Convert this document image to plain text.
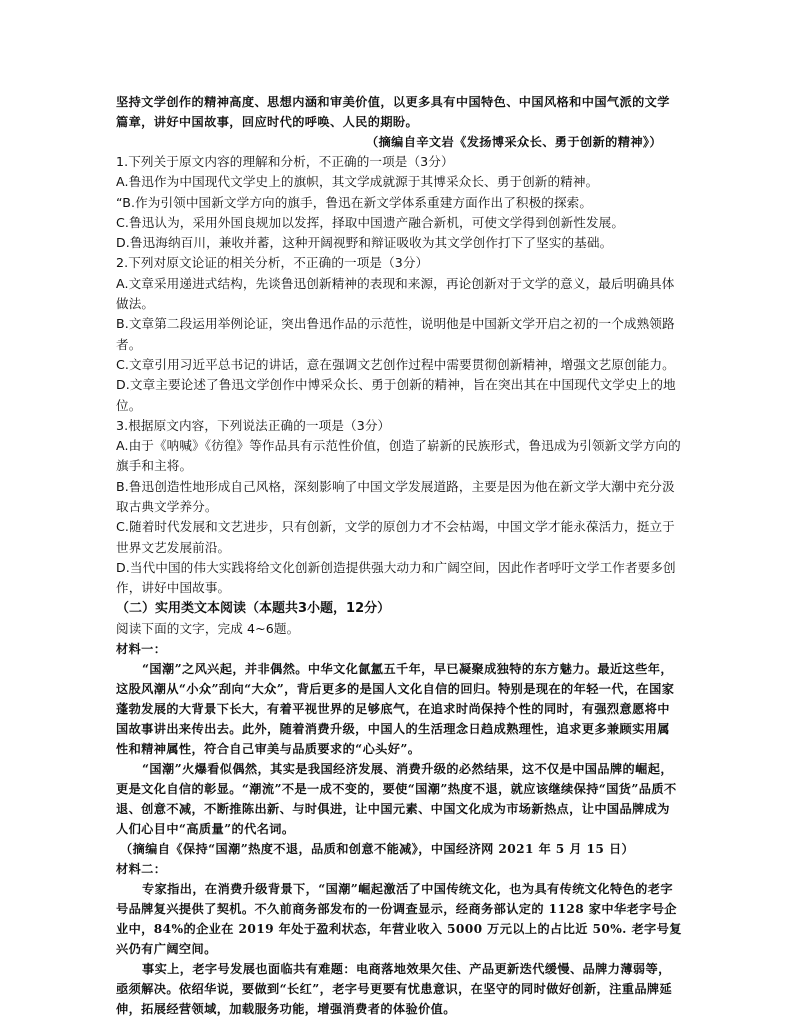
坚持文学创作的精神高度、思想内涵和审美价值，以更多具有中国特色、中国风格和中国气派的文学篇章，讲好中国故事，回应时代的呼唤、人民的期盼。

（摘编自辛文岩《发扬博采众长、勇于创新的精神》）

1.下列关于原文内容的理解和分析，不正确的一项是（3分）

A.鲁迅作为中国现代文学史上的旗帜，其文学成就源于其博采众长、勇于创新的精神。

“B.作为引领中国新文学方向的旗手，鲁迅在新文学体系重建方面作出了积极的探索。

C.鲁迅认为，采用外国良规加以发挥，择取中国遗产融合新机，可使文学得到创新性发展。

D.鲁迅海纳百川，兼收并蓄，这种开阔视野和辩证吸收为其文学创作打下了坚实的基础。

2.下列对原文论证的相关分析，不正确的一项是（3分）

A.文章采用递进式结构，先谈鲁迅创新精神的表现和来源，再论创新对于文学的意义，最后明确具体做法。

B.文章第二段运用举例论证，突出鲁迅作品的示范性，说明他是中国新文学开启之初的一个成熟领路者。

C.文章引用习近平总书记的讲话，意在强调文艺创作过程中需要贯彻创新精神，增强文艺原创能力。

D.文章主要论述了鲁迅文学创作中博采众长、勇于创新的精神，旨在突出其在中国现代文学史上的地位。

3.根据原文内容，下列说法正确的一项是（3分）

A.由于《呐喊》《彷徨》等作品具有示范性价值，创造了崭新的民族形式，鲁迅成为引领新文学方向的旗手和主将。

B.鲁迅创造性地形成自己风格，深刻影响了中国文学发展道路，主要是因为他在新文学大潮中充分汲取古典文学养分。

C.随着时代发展和文艺进步，只有创新，文学的原创力才不会枯竭，中国文学才能永葆活力，挺立于世界文艺发展前沿。

D.当代中国的伟大实践将给文化创新创造提供强大动力和广阔空间，因此作者呼吁文学工作者要多创作，讲好中国故事。

（二）实用类文本阅读（本题共3小题，12分）

阅读下面的文字，完成 4~6题。

材料一：

“国潮”之风兴起，并非偶然。中华文化氤氲五千年，早已凝聚成独特的东方魅力。最近这些年，这股风潮从“小众”刮向“大众”，背后更多的是国人文化自信的回归。特别是现在的年轻一代，在国家蓬勃发展的大背景下长大，有着平视世界的足够底气，在追求时尚保持个性的同时，有强烈意愿将中国故事讲出来传出去。此外，随着消费升级，中国人的生活理念日趋成熟理性，追求更多兼顾实用属性和精神属性，符合自己审美与品质要求的“心头好”。

“国潮”火爆看似偶然，其实是我国经济发展、消费升级的必然结果，这不仅是中国品牌的崛起，更是文化自信的彰显。“潮流”不是一成不变的，要使“国潮”热度不退，就应该继续保持“国货”品质不退、创意不减，不断推陈出新、与时俱进，让中国元素、中国文化成为市场新热点，让中国品牌成为人们心目中“高质量”的代名词。

（摘编自《保持“国潮”热度不退，品质和创意不能减》，中国经济网 2021 年 5 月 15 日）

材料二：

专家指出，在消费升级背景下，“国潮”崛起激活了中国传统文化，也为具有传统文化特色的老字号品牌复兴提供了契机。不久前商务部发布的一份调查显示，经商务部认定的 1128 家中华老字号企业中，84%的企业在 2019 年处于盈利状态，年营业收入 5000 万元以上的占比近 50%. 老字号复兴仍有广阔空间。

事实上，老字号发展也面临共有难题：电商落地效果欠佳、产品更新迭代缓慢、品牌力薄弱等，亟须解决。依绍华说，要做到“长红”，老字号更要有忧患意识，在坚守的同时做好创新，注重品牌延伸，拓展经营领域，加载服务功能，增强消费者的体验价值。
